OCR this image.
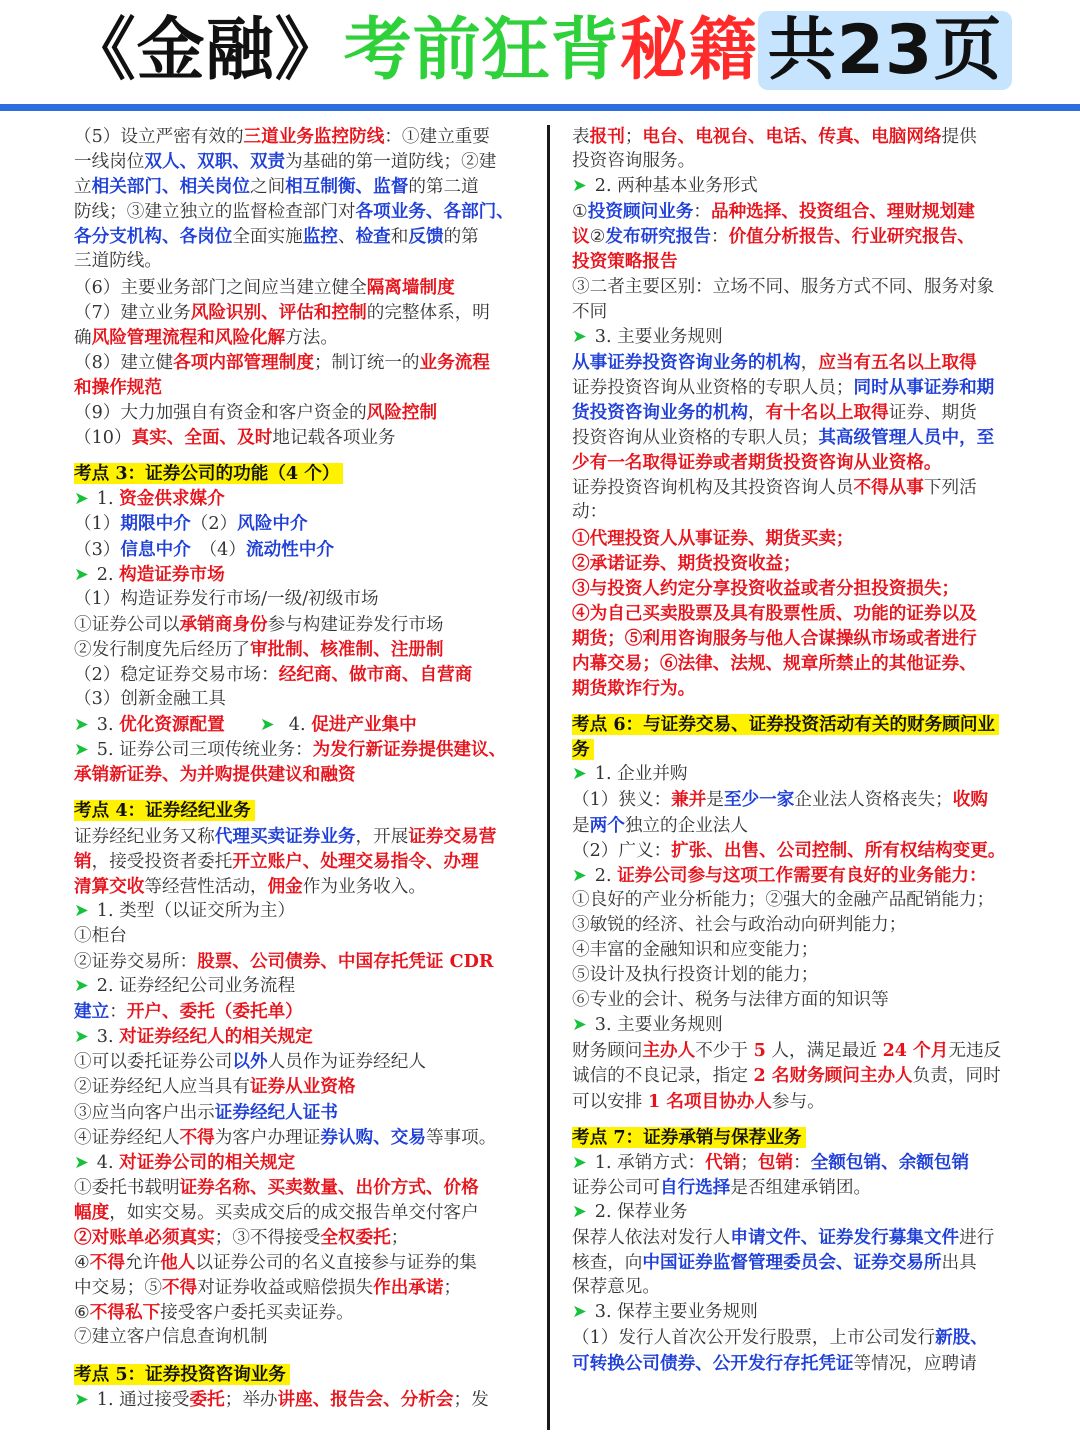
《金融》考前狂背秘籍 共23页
（5）设立严密有效的三道业务监控防线：①建立重要
一线岗位双人、双职、双责为基础的第一道防线；②建
立相关部门、相关岗位之间相互制衡、监督的第二道
防线；③建立独立的监督检查部门对各项业务、各部门、
各分支机构、各岗位全面实施监控、检查和反馈的第
三道防线。
（6）主要业务部门之间应当建立健全隔离墙制度
（7）建立业务风险识别、评估和控制的完整体系，明
确风险管理流程和风险化解方法。
（8）建立健各项内部管理制度；制订统一的业务流程
和操作规范
（9）大力加强自有资金和客户资金的风险控制
（10）真实、全面、及时地记载各项业务
考点 3：证券公司的功能（4 个）
➤ 1. 资金供求媒介
（1）期限中介（2）风险中介
（3）信息中介　（4）流动性中介
➤ 2. 构造证券市场
（1）构造证券发行市场/一级/初级市场
①证券公司以承销商身份参与构建证券发行市场
②发行制度先后经历了审批制、核准制、注册制
（2）稳定证券交易市场：经纪商、做市商、自营商
（3）创新金融工具
➤ 3. 优化资源配置　　 ➤ 4. 促进产业集中
➤ 5. 证券公司三项传统业务：为发行新证券提供建议、
承销新证券、为并购提供建议和融资
考点 4：证券经纪业务
证券经纪业务又称代理买卖证券业务，开展证券交易营
销，接受投资者委托开立账户、处理交易指令、办理
清算交收等经营性活动，佣金作为业务收入。
➤ 1. 类型（以证交所为主）
①柜台
②证券交易所：股票、公司债券、中国存托凭证 CDR
➤ 2. 证券经纪公司业务流程
建立：开户、委托（委托单）
➤ 3. 对证券经纪人的相关规定
①可以委托证券公司以外人员作为证券经纪人
②证券经纪人应当具有证券从业资格
③应当向客户出示证券经纪人证书
④证券经纪人不得为客户办理证券认购、交易等事项。
➤ 4. 对证券公司的相关规定
①委托书载明证券名称、买卖数量、出价方式、价格
幅度，如实交易。买卖成交后的成交报告单交付客户
②对账单必须真实；③不得接受全权委托；
④不得允许他人以证券公司的名义直接参与证券的集
中交易；⑤不得对证券收益或赔偿损失作出承诺；
⑥不得私下接受客户委托买卖证券。
⑦建立客户信息查询机制
考点 5：证券投资咨询业务
➤ 1. 通过接受委托；举办讲座、报告会、分析会；发
表报刊；电台、电视台、电话、传真、电脑网络提供
投资咨询服务。
➤ 2. 两种基本业务形式
①投资顾问业务：品种选择、投资组合、理财规划建
议②发布研究报告：价值分析报告、行业研究报告、
投资策略报告
③二者主要区别：立场不同、服务方式不同、服务对象
不同
➤ 3. 主要业务规则
从事证券投资咨询业务的机构，应当有五名以上取得
证券投资咨询从业资格的专职人员；同时从事证券和期
货投资咨询业务的机构，有十名以上取得证券、期货
投资咨询从业资格的专职人员；其高级管理人员中，至
少有一名取得证券或者期货投资咨询从业资格。
证券投资咨询机构及其投资咨询人员不得从事下列活
动：
①代理投资人从事证券、期货买卖；
②承诺证券、期货投资收益；
③与投资人约定分享投资收益或者分担投资损失；
④为自己买卖股票及具有股票性质、功能的证券以及
期货；⑤利用咨询服务与他人合谋操纵市场或者进行
内幕交易；⑥法律、法规、规章所禁止的其他证券、
期货欺诈行为。
考点 6：与证券交易、证券投资活动有关的财务顾问业
务
➤ 1. 企业并购
（1）狭义：兼并是至少一家企业法人资格丧失；收购
是两个独立的企业法人
（2）广义：扩张、出售、公司控制、所有权结构变更。
➤ 2. 证券公司参与这项工作需要有良好的业务能力：
①良好的产业分析能力；②强大的金融产品配销能力；
③敏锐的经济、社会与政治动向研判能力；
④丰富的金融知识和应变能力；
⑤设计及执行投资计划的能力；
⑥专业的会计、税务与法律方面的知识等
➤ 3. 主要业务规则
财务顾问主办人不少于 5 人，满足最近 24 个月无违反
诚信的不良记录，指定 2 名财务顾问主办人负责，同时
可以安排 1 名项目协办人参与。
考点 7：证券承销与保荐业务
➤ 1. 承销方式：代销；包销：全额包销、余额包销
证券公司可自行选择是否组建承销团。
➤ 2. 保荐业务
保荐人依法对发行人申请文件、证券发行募集文件进行
核查，向中国证券监督管理委员会、证券交易所出具
保荐意见。
➤ 3. 保荐主要业务规则
（1）发行人首次公开发行股票，上市公司发行新股、
可转换公司债券、公开发行存托凭证等情况，应聘请
